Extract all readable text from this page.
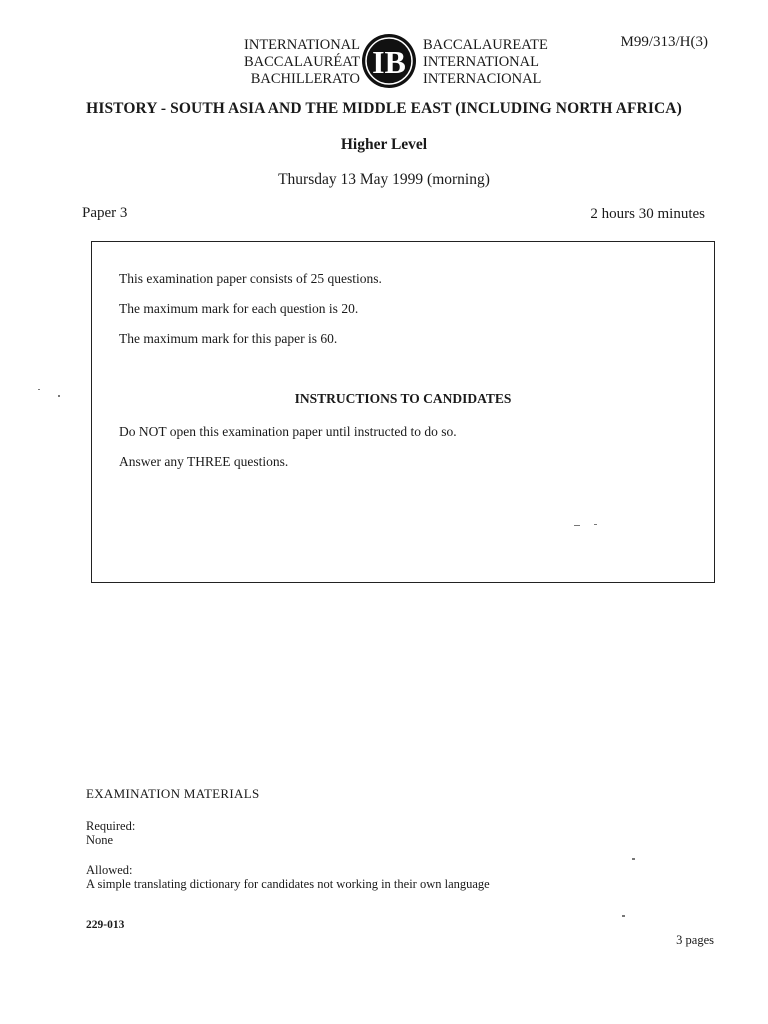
INTERNATIONAL
BACCALAURÉAT
BACHILLERATO IB BACCALAUREATE
INTERNATIONAL
INTERNACIONAL
M99/313/H(3)
HISTORY - SOUTH ASIA AND THE MIDDLE EAST (INCLUDING NORTH AFRICA)
Higher Level
Thursday 13 May 1999 (morning)
Paper 3	2 hours 30 minutes
This examination paper consists of 25 questions.
The maximum mark for each question is 20.
The maximum mark for this paper is 60.
INSTRUCTIONS TO CANDIDATES
Do NOT open this examination paper until instructed to do so.
Answer any THREE questions.
EXAMINATION MATERIALS
Required:
None
Allowed:
A simple translating dictionary for candidates not working in their own language
229-013
3 pages
